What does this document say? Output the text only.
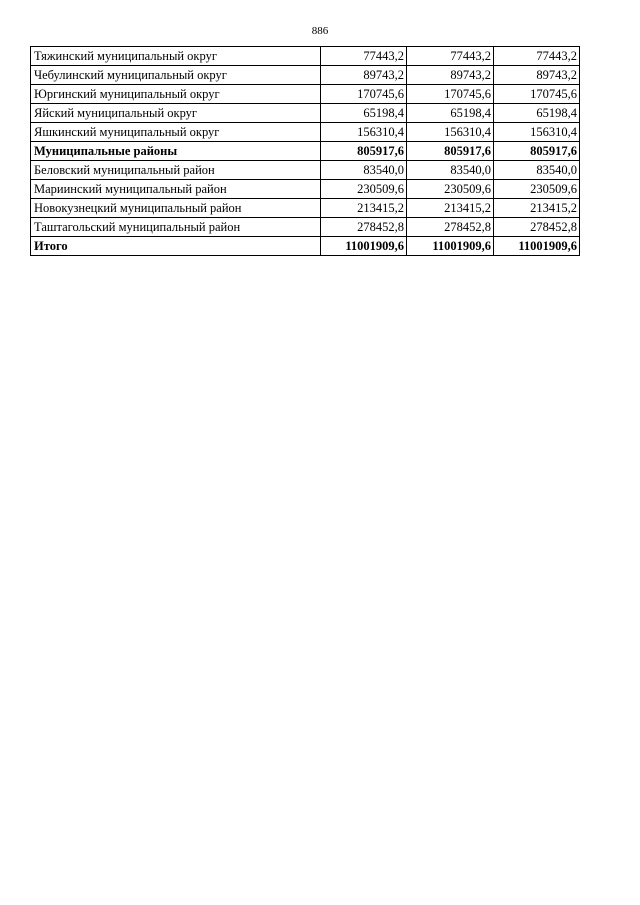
886
Тяжинский муниципальный округ	77443,2	77443,2	77443,2
Чебулинский муниципальный округ	89743,2	89743,2	89743,2
Юргинский муниципальный округ	170745,6	170745,6	170745,6
Яйский муниципальный округ	65198,4	65198,4	65198,4
Яшкинский муниципальный округ	156310,4	156310,4	156310,4
Муниципальные районы	805917,6	805917,6	805917,6
Беловский муниципальный район	83540,0	83540,0	83540,0
Мариинский муниципальный район	230509,6	230509,6	230509,6
Новокузнецкий муниципальный район	213415,2	213415,2	213415,2
Таштагольский муниципальный район	278452,8	278452,8	278452,8
Итого	11001909,6	11001909,6	11001909,6
